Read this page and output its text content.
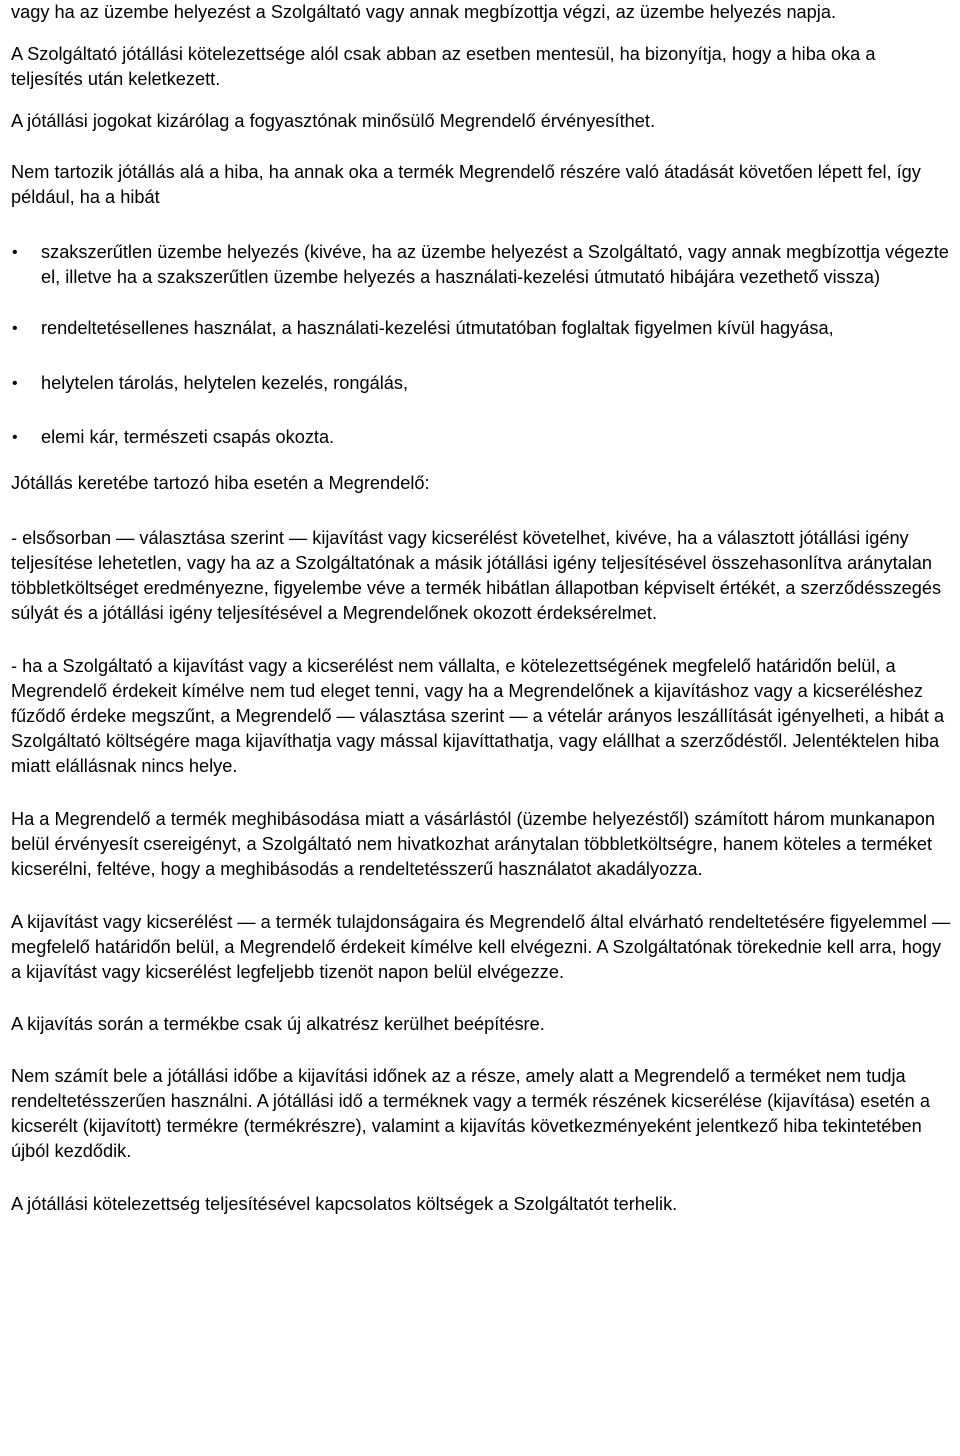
vagy ha az üzembe helyezést a Szolgáltató vagy annak megbízottja végzi, az üzembe helyezés napja.

A Szolgáltató jótállási kötelezettsége alól csak abban az esetben mentesül, ha bizonyítja, hogy a hiba oka a teljesítés után keletkezett.

A jótállási jogokat kizárólag a fogyasztónak minősülő Megrendelő érvényesíthet.

Nem tartozik jótállás alá a hiba, ha annak oka a termék Megrendelő részére való átadását követően lépett fel, így például, ha a hibát

• szakszerűtlen üzembe helyezés (kivéve, ha az üzembe helyezést a Szolgáltató, vagy annak megbízottja végezte el, illetve ha a szakszerűtlen üzembe helyezés a használati-kezelési útmutató hibájára vezethető vissza)
• rendeltetésellenes használat, a használati-kezelési útmutatóban foglaltak figyelmen kívül hagyása,
• helytelen tárolás, helytelen kezelés, rongálás,
• elemi kár, természeti csapás okozta.

Jótállás keretébe tartozó hiba esetén a Megrendelő:

- elsősorban — választása szerint — kijavítást vagy kicserélést követelhet, kivéve, ha a választott jótállási igény teljesítése lehetetlen, vagy ha az a Szolgáltatónak a másik jótállási igény teljesítésével összehasonlítva aránytalan többletköltséget eredményezne, figyelembe véve a termék hibátlan állapotban képviselt értékét, a szerződésszegés súlyát és a jótállási igény teljesítésével a Megrendelőnek okozott érdeksérelmet.

- ha a Szolgáltató a kijavítást vagy a kicserélést nem vállalta, e kötelezettségének megfelelő határidőn belül, a Megrendelő érdekeit kímélve nem tud eleget tenni, vagy ha a Megrendelőnek a kijavításhoz vagy a kicseréléshez fűződő érdeke megszűnt, a Megrendelő — választása szerint — a vételár arányos leszállítását igényelheti, a hibát a Szolgáltató költségére maga kijavíthatja vagy mással kijavíttathatja, vagy elállhat a szerződéstől. Jelentéktelen hiba miatt elállásnak nincs helye.

Ha a Megrendelő a termék meghibásodása miatt a vásárlástól (üzembe helyezéstől) számított három munkanapon belül érvényesít csereigényt, a Szolgáltató nem hivatkozhat aránytalan többletköltségre, hanem köteles a terméket kicserélni, feltéve, hogy a meghibásodás a rendeltetésszerű használatot akadályozza.

A kijavítást vagy kicserélést — a termék tulajdonságaira és Megrendelő által elvárható rendeltetésére figyelemmel — megfelelő határidőn belül, a Megrendelő érdekeit kímélve kell elvégezni. A Szolgáltatónak törekednie kell arra, hogy a kijavítást vagy kicserélést legfeljebb tizenöt napon belül elvégezze.

A kijavítás során a termékbe csak új alkatrész kerülhet beépítésre.

Nem számít bele a jótállási időbe a kijavítási időnek az a része, amely alatt a Megrendelő a terméket nem tudja rendeltetésszerűen használni. A jótállási idő a terméknek vagy a termék részének kicserélése (kijavítása) esetén a kicserélt (kijavított) termékre (termékrészre), valamint a kijavítás következményeként jelentkező hiba tekintetében újból kezdődik.

A jótállási kötelezettség teljesítésével kapcsolatos költségek a Szolgáltatót terhelik.
